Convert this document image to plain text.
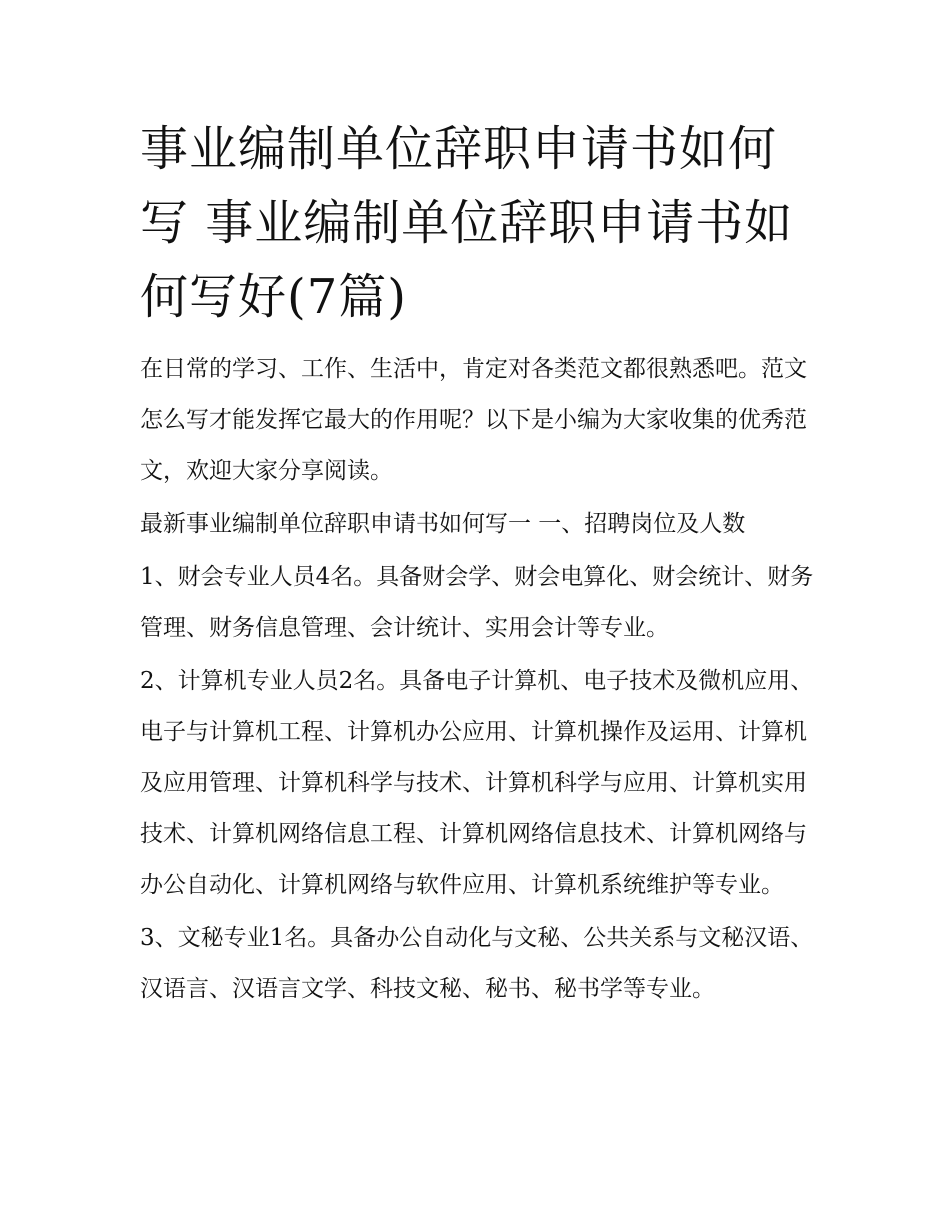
事业编制单位辞职申请书如何写 事业编制单位辞职申请书如何写好(7篇)

在日常的学习、工作、生活中，肯定对各类范文都很熟悉吧。范文怎么写才能发挥它最大的作用呢？以下是小编为大家收集的优秀范文，欢迎大家分享阅读。

最新事业编制单位辞职申请书如何写一 一、招聘岗位及人数

1、财会专业人员4名。具备财会学、财会电算化、财会统计、财务管理、财务信息管理、会计统计、实用会计等专业。

2、计算机专业人员2名。具备电子计算机、电子技术及微机应用、电子与计算机工程、计算机办公应用、计算机操作及运用、计算机及应用管理、计算机科学与技术、计算机科学与应用、计算机实用技术、计算机网络信息工程、计算机网络信息技术、计算机网络与办公自动化、计算机网络与软件应用、计算机系统维护等专业。

3、文秘专业1名。具备办公自动化与文秘、公共关系与文秘汉语、汉语言、汉语言文学、科技文秘、秘书、秘书学等专业。
